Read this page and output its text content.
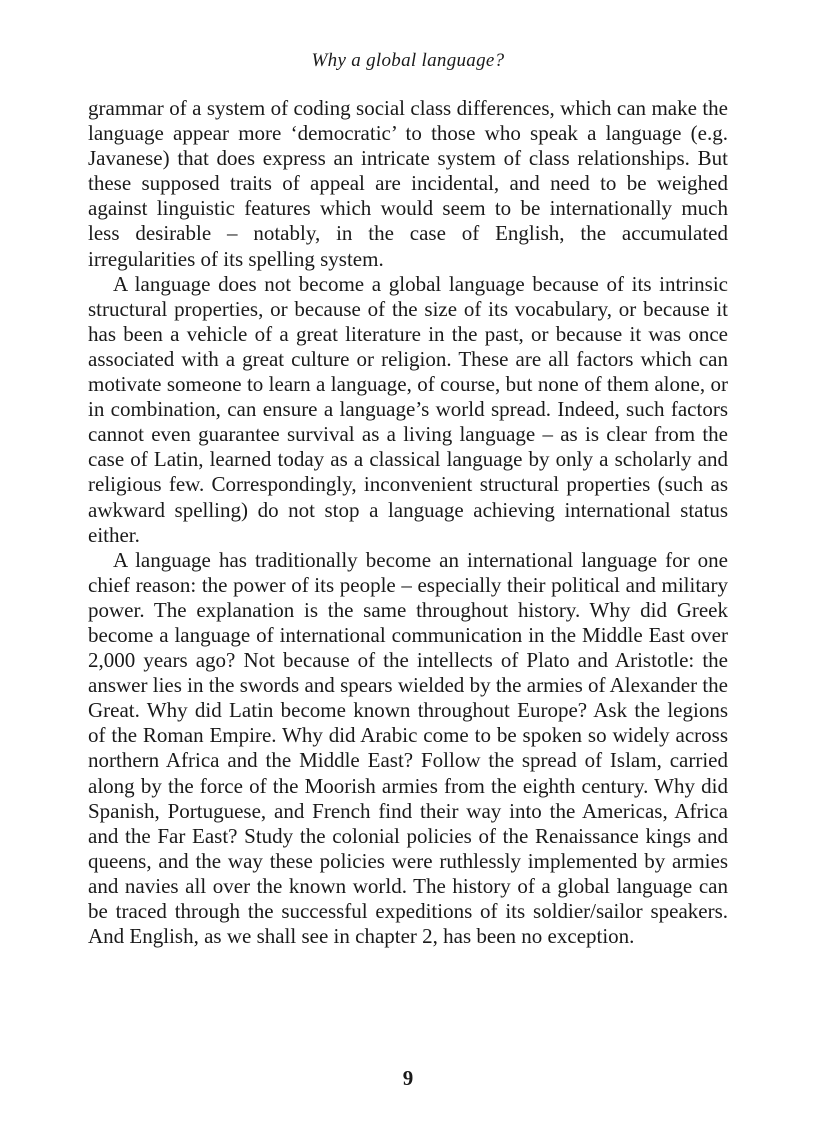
Why a global language?

grammar of a system of coding social class differences, which can make the language appear more ‘democratic’ to those who speak a language (e.g. Javanese) that does express an intricate system of class relationships. But these supposed traits of appeal are incidental, and need to be weighed against linguistic features which would seem to be internationally much less desirable – notably, in the case of English, the accumulated irregularities of its spelling system.

A language does not become a global language because of its intrinsic structural properties, or because of the size of its vocabulary, or because it has been a vehicle of a great literature in the past, or because it was once associated with a great culture or religion. These are all factors which can motivate someone to learn a language, of course, but none of them alone, or in combination, can ensure a language’s world spread. Indeed, such factors cannot even guarantee survival as a living language – as is clear from the case of Latin, learned today as a classical language by only a scholarly and religious few. Correspondingly, inconvenient structural properties (such as awkward spelling) do not stop a language achieving international status either.

A language has traditionally become an international language for one chief reason: the power of its people – especially their political and military power. The explanation is the same throughout history. Why did Greek become a language of international communication in the Middle East over 2,000 years ago? Not because of the intellects of Plato and Aristotle: the answer lies in the swords and spears wielded by the armies of Alexander the Great. Why did Latin become known throughout Europe? Ask the legions of the Roman Empire. Why did Arabic come to be spoken so widely across northern Africa and the Middle East? Follow the spread of Islam, carried along by the force of the Moorish armies from the eighth century. Why did Spanish, Portuguese, and French find their way into the Americas, Africa and the Far East? Study the colonial policies of the Renaissance kings and queens, and the way these policies were ruthlessly implemented by armies and navies all over the known world. The history of a global language can be traced through the successful expeditions of its soldier/sailor speakers. And English, as we shall see in chapter 2, has been no exception.

9
